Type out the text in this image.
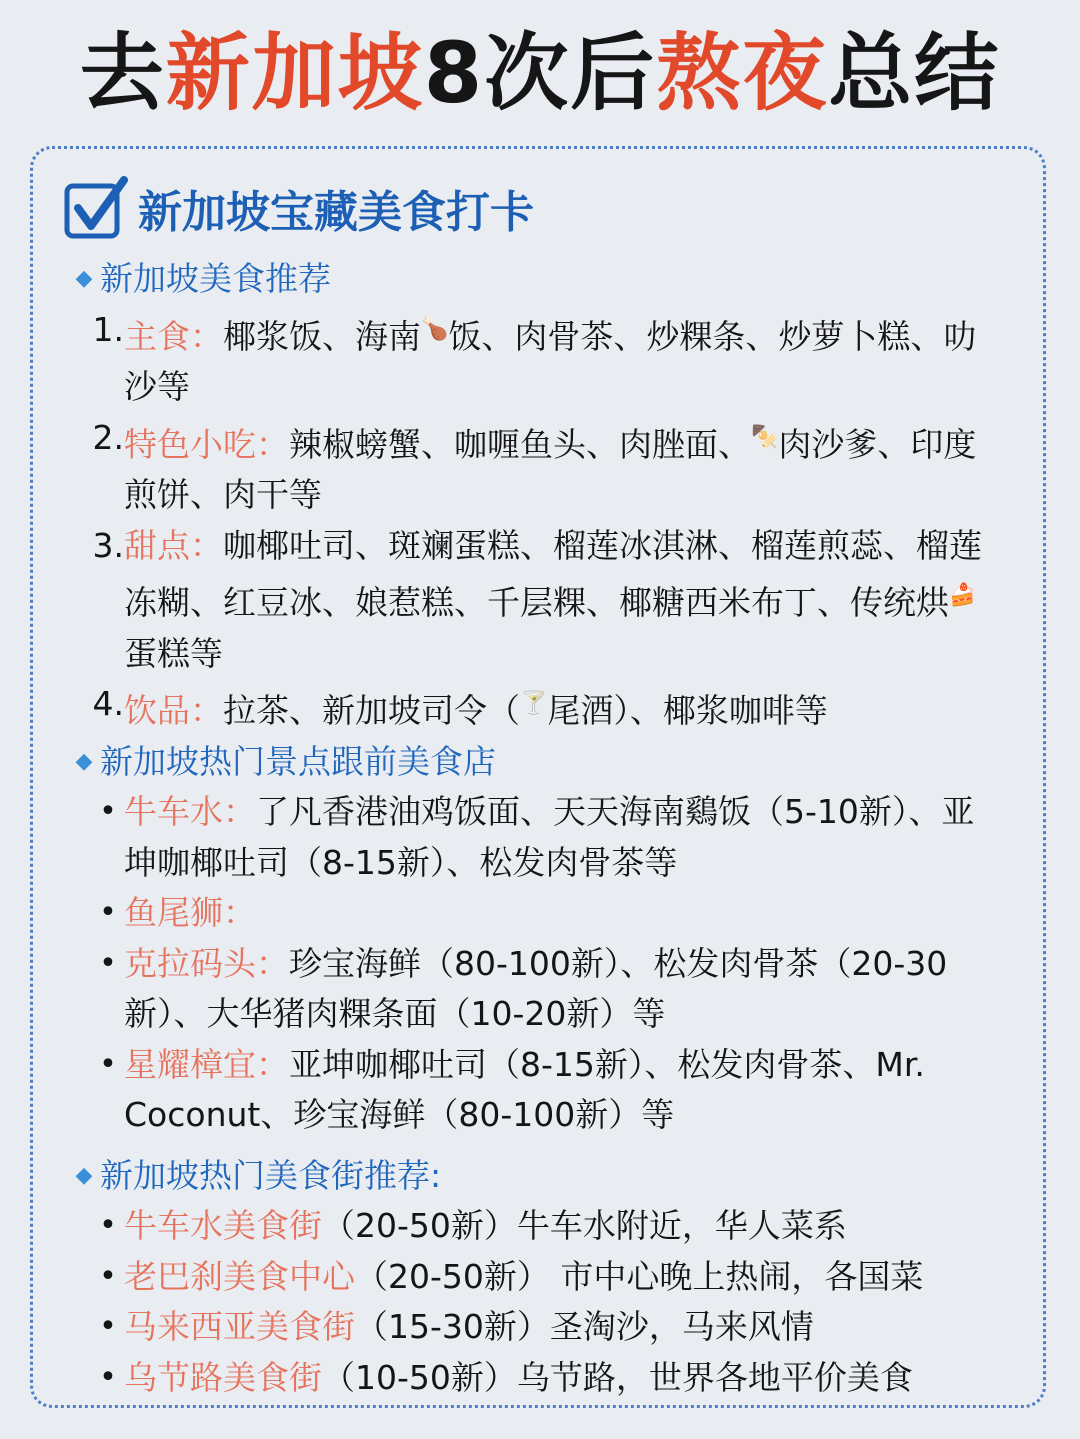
去新加坡8次后熬夜总结
新加坡宝藏美食打卡
◆ 新加坡美食推荐
1. 主食：椰浆饭、海南🍗饭、肉骨茶、炒粿条、炒萝卜糕、叻沙等
2. 特色小吃：辣椒螃蟹、咖喱鱼头、肉脞面、🍢肉沙爹、印度煎饼、肉干等
3. 甜点：咖椰吐司、斑斓蛋糕、榴莲冰淇淋、榴莲煎蕊、榴莲冻糊、红豆冰、娘惹糕、千层粿、椰糖西米布丁、传统烘🍰蛋糕等
4. 饮品：拉茶、新加坡司令（🍸尾酒）、椰浆咖啡等
◆ 新加坡热门景点跟前美食店
• 牛车水：了凡香港油鸡饭面、天天海南鷄饭（5-10新）、亚坤咖椰吐司（8-15新）、松发肉骨茶等
• 鱼尾狮：
• 克拉码头：珍宝海鲜（80-100新）、松发肉骨茶（20-30新）、大华猪肉粿条面（10-20新）等
• 星耀樟宜：亚坤咖椰吐司（8-15新）、松发肉骨茶、Mr. Coconut、珍宝海鲜（80-100新）等
◆ 新加坡热门美食街推荐:
• 牛车水美食街（20-50新）牛车水附近，华人菜系
• 老巴刹美食中心（20-50新） 市中心晚上热闹，各国菜
• 马来西亚美食街（15-30新）圣淘沙，马来风情
• 乌节路美食街（10-50新）乌节路，世界各地平价美食
